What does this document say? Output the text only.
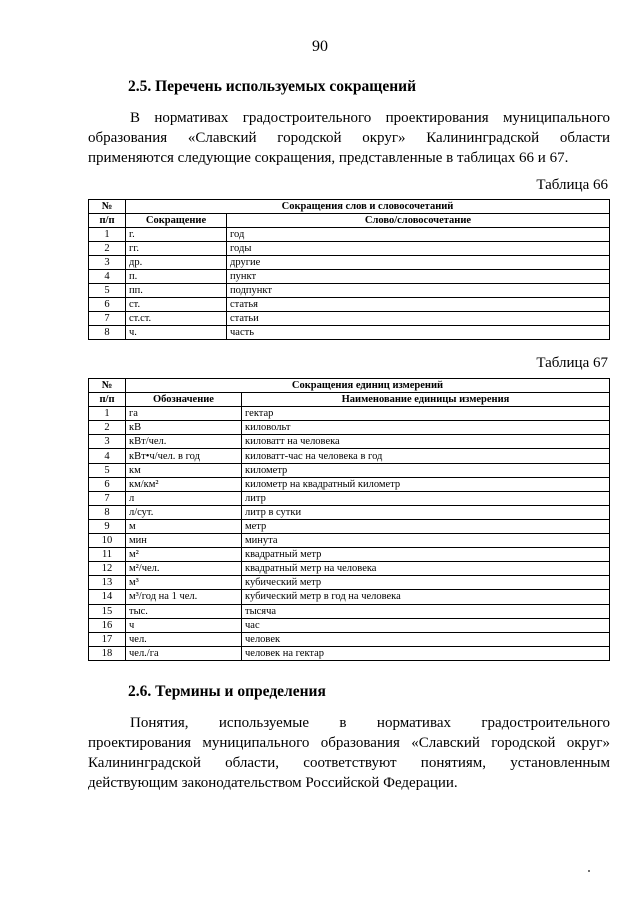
90
2.5. Перечень используемых сокращений
В нормативах градостроительного проектирования муниципального
образования «Славский городской округ» Калининградской области
применяются следующие сокращения, представленные в таблицах 66 и 67.
Таблица 66
№	Сокращения слов и словосочетаний	
п/п	Сокращение	Слово/словосочетание
1	г.	год
2	гг.	годы
3	др.	другие
4	п.	пункт
5	пп.	подпункт
6	ст.	статья
7	ст.ст.	статьи
8	ч.	часть
Таблица 67
№	Сокращения единиц измерений	
п/п	Обозначение	Наименование единицы измерения
1	га	гектар
2	кВ	киловольт
3	кВт/чел.	киловатт на человека
4	кВт•ч/чел. в год	киловатт-час на человека в год
5	км	километр
6	км/км²	километр на квадратный километр
7	л	литр
8	л/сут.	литр в сутки
9	м	метр
10	мин	минута
11	м²	квадратный метр
12	м²/чел.	квадратный метр на человека
13	м³	кубический метр
14	м³/год на 1 чел.	кубический метр в год на человека
15	тыс.	тысяча
16	ч	час
17	чел.	человек
18	чел./га	человек на гектар
2.6. Термины и определения
Понятия, используемые в нормативах градостроительного
проектирования муниципального образования «Славский городской округ»
Калининградской области, соответствуют понятиям, установленным
действующим законодательством Российской Федерации.
